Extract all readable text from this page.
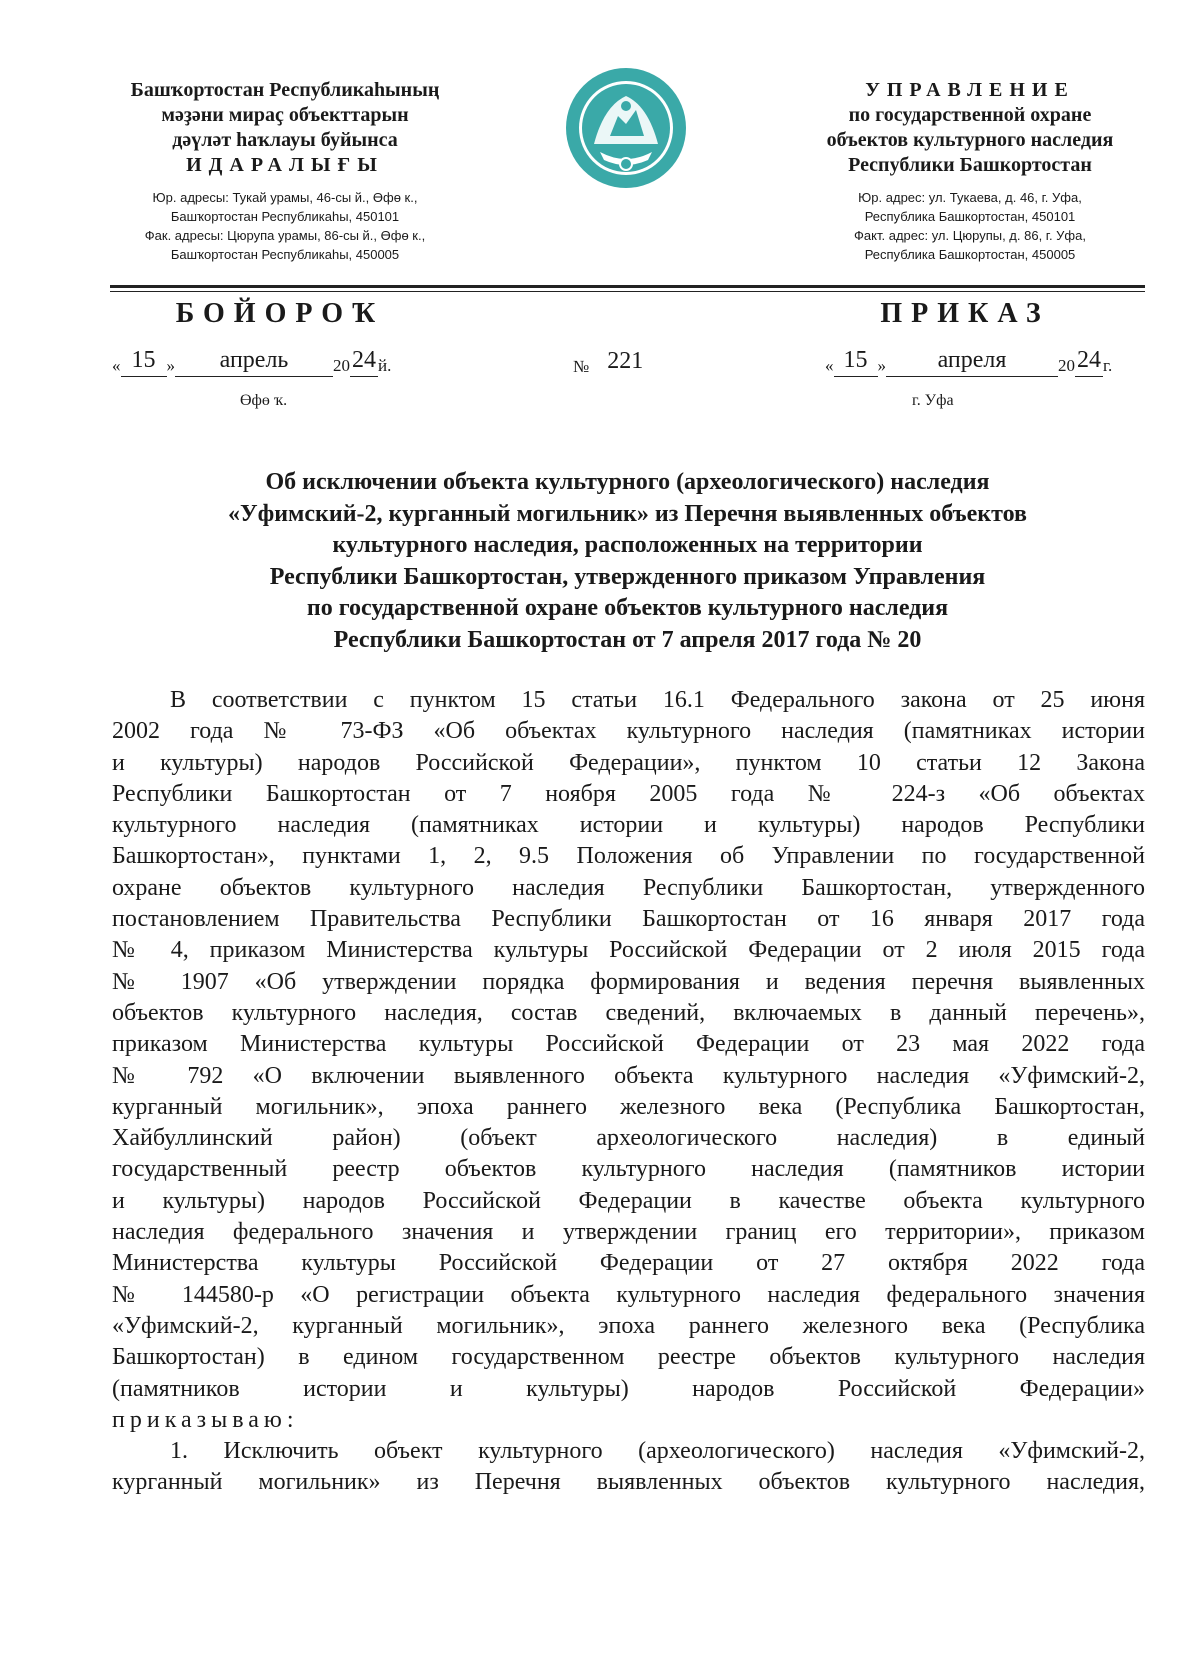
Башҡортостан Республикаһының
мәҙәни мираҫ объекттарын
дәүләт һаҡлауы буйынса
ИДАРАЛЫҒЫ
Юр. адресы: Тукай урамы, 46-сы й., Өфө к.,
Башҡортостан Республикаһы, 450101
Фак. адресы: Цюрупа урамы, 86-сы й., Өфө к.,
Башҡортостан Республикаһы, 450005
УПРАВЛЕНИЕ
по государственной охране
объектов культурного наследия
Республики Башкортостан
Юр. адрес: ул. Тукаева, д. 46, г. Уфа,
Республика Башкортостан, 450101
Факт. адрес: ул. Цюрупы, д. 86, г. Уфа,
Республика Башкортостан, 450005
БОЙОРОҠ	ПРИКАЗ
« 15 » апрель	2024 й.
Өфө ҡ.
№ 221	« 15 » апреля	2024 г.
г. Уфа
Об исключении объекта культурного (археологического) наследия
«Уфимский-2, курганный могильник» из Перечня выявленных объектов
культурного наследия, расположенных на территории
Республики Башкортостан, утвержденного приказом Управления
по государственной охране объектов культурного наследия
Республики Башкортостан от 7 апреля 2017 года № 20
В соответствии с пунктом 15 статьи 16.1 Федерального закона от 25 июня
2002 года № 73-ФЗ «Об объектах культурного наследия (памятниках истории
и культуры) народов Российской Федерации», пунктом 10 статьи 12 Закона
Республики Башкортостан от 7 ноября 2005 года № 224-з «Об объектах
культурного наследия (памятниках истории и культуры) народов Республики
Башкортостан», пунктами 1, 2, 9.5 Положения об Управлении по государственной
охране объектов культурного наследия Республики Башкортостан, утвержденного
постановлением Правительства Республики Башкортостан от 16 января 2017 года
№ 4, приказом Министерства культуры Российской Федерации от 2 июля 2015 года
№ 1907 «Об утверждении порядка формирования и ведения перечня выявленных
объектов культурного наследия, состав сведений, включаемых в данный перечень»,
приказом Министерства культуры Российской Федерации от 23 мая 2022 года
№ 792 «О включении выявленного объекта культурного наследия «Уфимский-2,
курганный могильник», эпоха раннего железного века (Республика Башкортостан,
Хайбуллинский район) (объект археологического наследия) в единый
государственный реестр объектов культурного наследия (памятников истории
и культуры) народов Российской Федерации в качестве объекта культурного
наследия федерального значения и утверждении границ его территории», приказом
Министерства культуры Российской Федерации от 27 октября 2022 года
№ 144580-р «О регистрации объекта культурного наследия федерального значения
«Уфимский-2, курганный могильник», эпоха раннего железного века (Республика
Башкортостан) в едином государственном реестре объектов культурного наследия
(памятников истории и культуры) народов Российской Федерации»
приказываю:
1. Исключить объект культурного (археологического) наследия «Уфимский-2,
курганный могильник» из Перечня выявленных объектов культурного наследия,
